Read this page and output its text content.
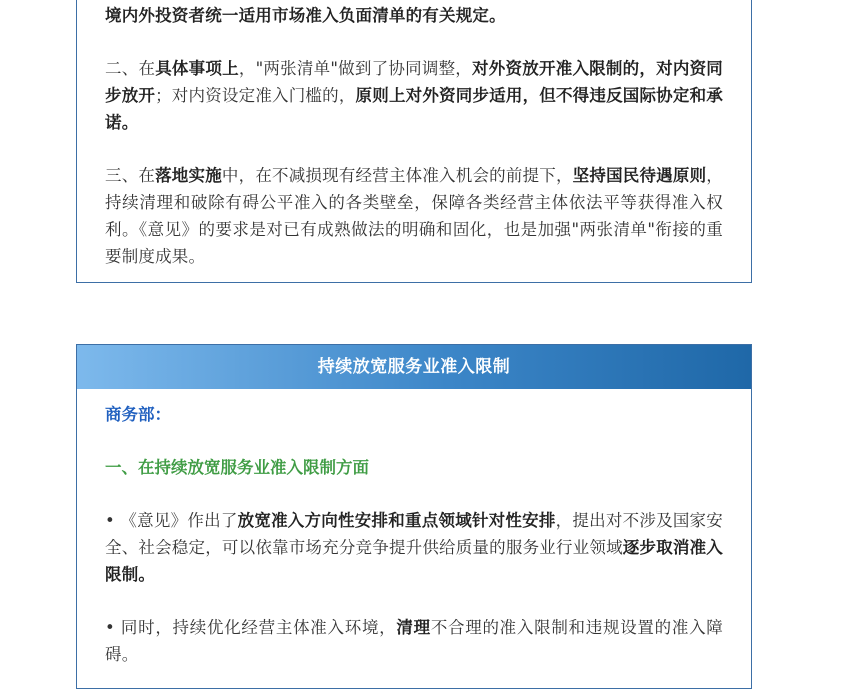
境内外投资者统一适用市场准入负面清单的有关规定。

二、在具体事项上，"两张清单"做到了协同调整，对外资放开准入限制的，对内资同步放开；对内资设定准入门槛的，原则上对外资同步适用，但不得违反国际协定和承诺。

三、在落地实施中，在不减损现有经营主体准入机会的前提下，坚持国民待遇原则，持续清理和破除有碍公平准入的各类壁垒，保障各类经营主体依法平等获得准入权利。《意见》的要求是对已有成熟做法的明确和固化，也是加强"两张清单"衔接的重要制度成果。

持续放宽服务业准入限制

商务部：

一、在持续放宽服务业准入限制方面

• 《意见》作出了放宽准入方向性安排和重点领域针对性安排，提出对不涉及国家安全、社会稳定，可以依靠市场充分竞争提升供给质量的服务业行业领域逐步取消准入限制。

• 同时，持续优化经营主体准入环境，清理不合理的准入限制和违规设置的准入障碍。
